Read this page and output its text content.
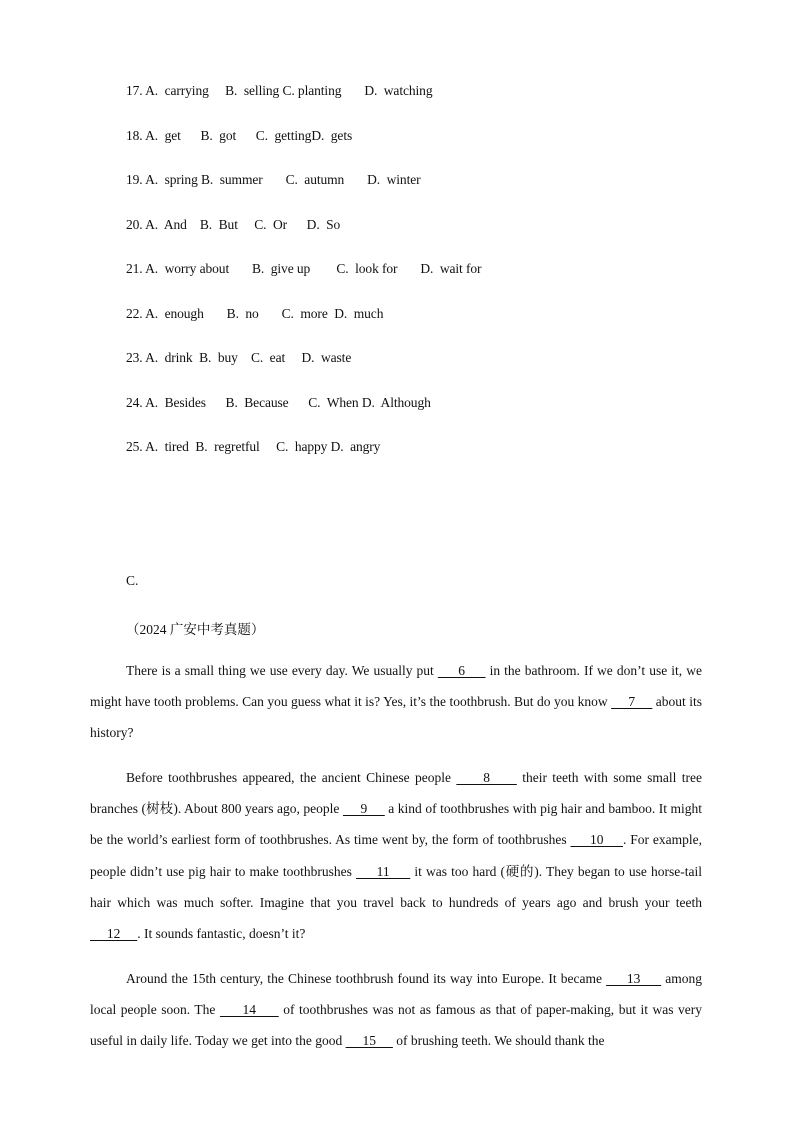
17. A.  carrying B.  selling C. planting D.  watching
18. A.  get B.  got C.  gettingD.  gets
19. A.  spring B.  summer C.  autumn D.  winter
20. A.  And B.  But C.  Or D.  So
21. A.  worry about B.  give up C.  look for D.  wait for
22. A.  enough B.  no C.  more D.  much
23. A.  drink B.  buy C.  eat D.  waste
24. A.  Besides B.  Because C.  When D.  Although
25. A.  tired B.  regretful C.  happy D.  angry
C.
（2024 广安中考真题）

There is a small thing we use every day. We usually put      6      in the bathroom. If we don’t use it, we might have tooth problems. Can you guess what it is? Yes, it’s the toothbrush. But do you know      7      about its history?

Before toothbrushes appeared, the ancient Chinese people      8      their teeth with some small tree branches (树枝). About 800 years ago, people      9      a kind of toothbrushes with pig hair and bamboo. It might be the world’s earliest form of toothbrushes. As time went by, the form of toothbrushes      10     . For example, people didn’t use pig hair to make toothbrushes      11      it was too hard (硬的). They began to use horse-tail hair which was much softer. Imagine that you travel back to hundreds of years ago and brush your teeth      12     . It sounds fantastic, doesn’t it?

Around the 15th century, the Chinese toothbrush found its way into Europe. It became      13      among local people soon. The      14      of toothbrushes was not as famous as that of paper-making, but it was very useful in daily life. Today we get into the good      15      of brushing teeth. We should thank the
